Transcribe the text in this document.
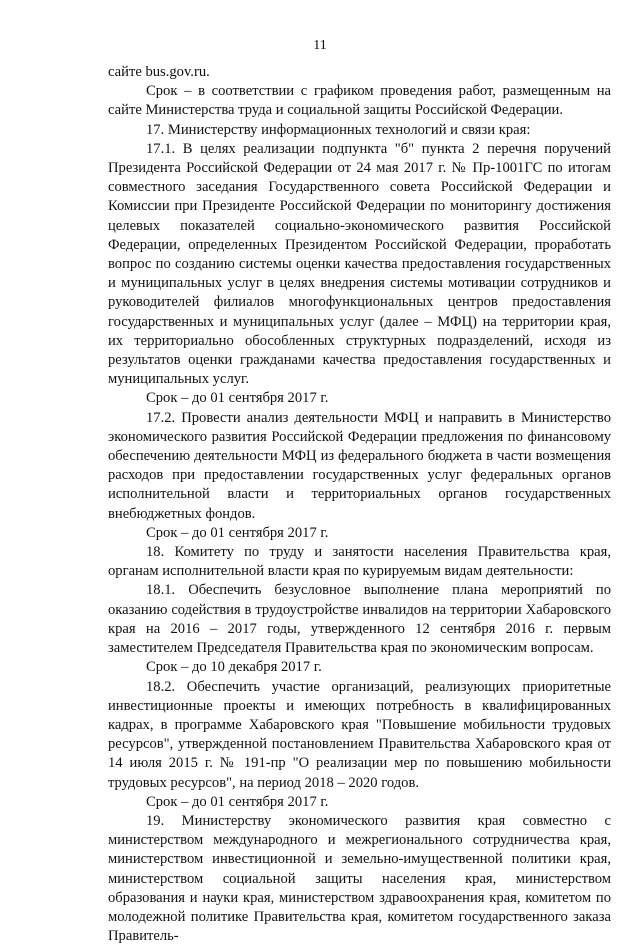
11

сайте bus.gov.ru.

Срок – в соответствии с графиком проведения работ, размещенным на сайте Министерства труда и социальной защиты Российской Федерации.

17. Министерству информационных технологий и связи края:

17.1. В целях реализации подпункта "б" пункта 2 перечня поручений Президента Российской Федерации от 24 мая 2017 г. № Пр-1001ГС по итогам совместного заседания Государственного совета Российской Федерации и Комиссии при Президенте Российской Федерации по мониторингу достижения целевых показателей социально-экономического развития Российской Федерации, определенных Президентом Российской Федерации, проработать вопрос по созданию системы оценки качества предоставления государственных и муниципальных услуг в целях внедрения системы мотивации сотрудников и руководителей филиалов многофункциональных центров предоставления государственных и муниципальных услуг (далее – МФЦ) на территории края, их территориально обособленных структурных подразделений, исходя из результатов оценки гражданами качества предоставления государственных и муниципальных услуг.

Срок – до 01 сентября 2017 г.

17.2. Провести анализ деятельности МФЦ и направить в Министерство экономического развития Российской Федерации предложения по финансовому обеспечению деятельности МФЦ из федерального бюджета в части возмещения расходов при предоставлении государственных услуг федеральных органов исполнительной власти и территориальных органов государственных внебюджетных фондов.

Срок – до 01 сентября 2017 г.

18. Комитету по труду и занятости населения Правительства края, органам исполнительной власти края по курируемым видам деятельности:

18.1. Обеспечить безусловное выполнение плана мероприятий по оказанию содействия в трудоустройстве инвалидов на территории Хабаровского края на 2016 – 2017 годы, утвержденного 12 сентября 2016 г. первым заместителем Председателя Правительства края по экономическим вопросам.

Срок – до 10 декабря 2017 г.

18.2. Обеспечить участие организаций, реализующих приоритетные инвестиционные проекты и имеющих потребность в квалифицированных кадрах, в программе Хабаровского края "Повышение мобильности трудовых ресурсов", утвержденной постановлением Правительства Хабаровского края от 14 июля 2015 г. № 191-пр "О реализации мер по повышению мобильности трудовых ресурсов", на период 2018 – 2020 годов.

Срок – до 01 сентября 2017 г.

19. Министерству экономического развития края совместно с министерством международного и межрегионального сотрудничества края, министерством инвестиционной и земельно-имущественной политики края, министерством социальной защиты населения края, министерством образования и науки края, министерством здравоохранения края, комитетом по молодежной политике Правительства края, комитетом государственного заказа Правитель-
